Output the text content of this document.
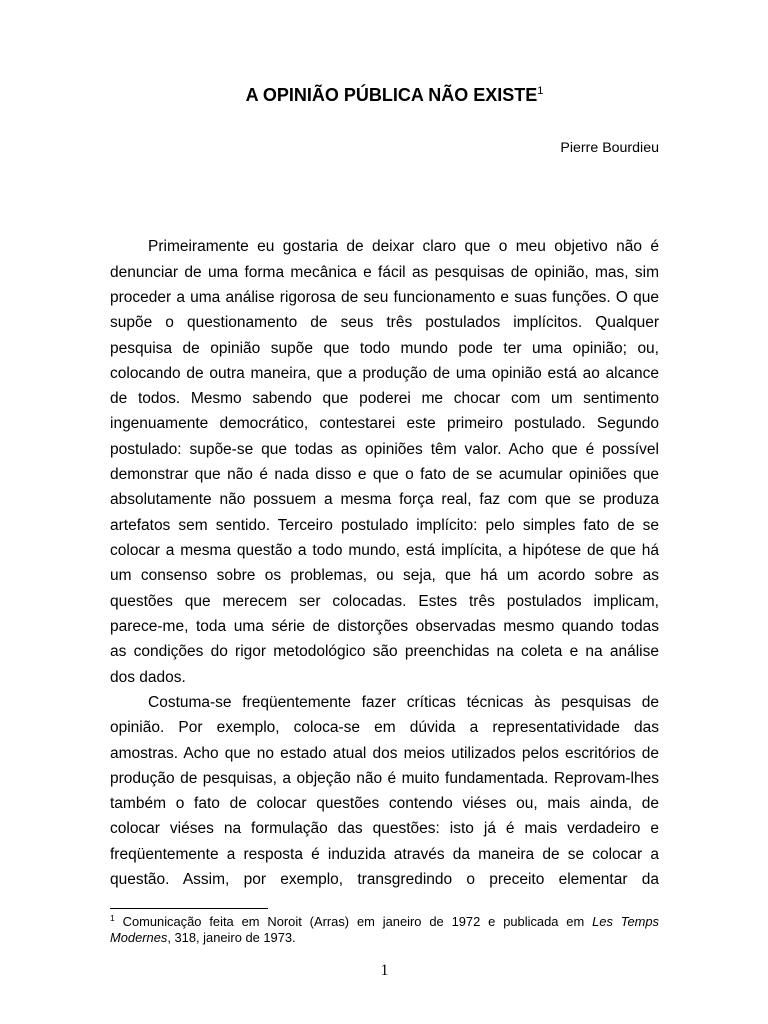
A OPINIÃO PÚBLICA NÃO EXISTE$^1$
Pierre Bourdieu
Primeiramente eu gostaria de deixar claro que o meu objetivo não é
denunciar de uma forma mecânica e fácil as pesquisas de opinião, mas, sim
proceder a uma análise rigorosa de seu funcionamento e suas funções. O que
supõe o questionamento de seus três postulados implícitos. Qualquer
pesquisa de opinião supõe que todo mundo pode ter uma opinião; ou,
colocando de outra maneira, que a produção de uma opinião está ao alcance
de todos. Mesmo sabendo que poderei me chocar com um sentimento
ingenuamente democrático, contestarei este primeiro postulado. Segundo
postulado: supõe-se que todas as opiniões têm valor. Acho que é possível
demonstrar que não é nada disso e que o fato de se acumular opiniões que
absolutamente não possuem a mesma força real, faz com que se produza
artefatos sem sentido. Terceiro postulado implícito: pelo simples fato de se
colocar a mesma questão a todo mundo, está implícita, a hipótese de que há
um consenso sobre os problemas, ou seja, que há um acordo sobre as
questões que merecem ser colocadas. Estes três postulados implicam,
parece-me, toda uma série de distorções observadas mesmo quando todas
as condições do rigor metodológico são preenchidas na coleta e na análise
dos dados.
Costuma-se freqüentemente fazer críticas técnicas às pesquisas de
opinião. Por exemplo, coloca-se em dúvida a representatividade das
amostras. Acho que no estado atual dos meios utilizados pelos escritórios de
produção de pesquisas, a objeção não é muito fundamentada. Reprovam-lhes
também o fato de colocar questões contendo viéses ou, mais ainda, de
colocar viéses na formulação das questões: isto já é mais verdadeiro e
freqüentemente a resposta é induzida através da maneira de se colocar a
questão. Assim, por exemplo, transgredindo o preceito elementar da
$^1$ Comunicação feita em Noroit (Arras) em janeiro de 1972 e publicada em Les Temps
Modernes, 318, janeiro de 1973.
1
